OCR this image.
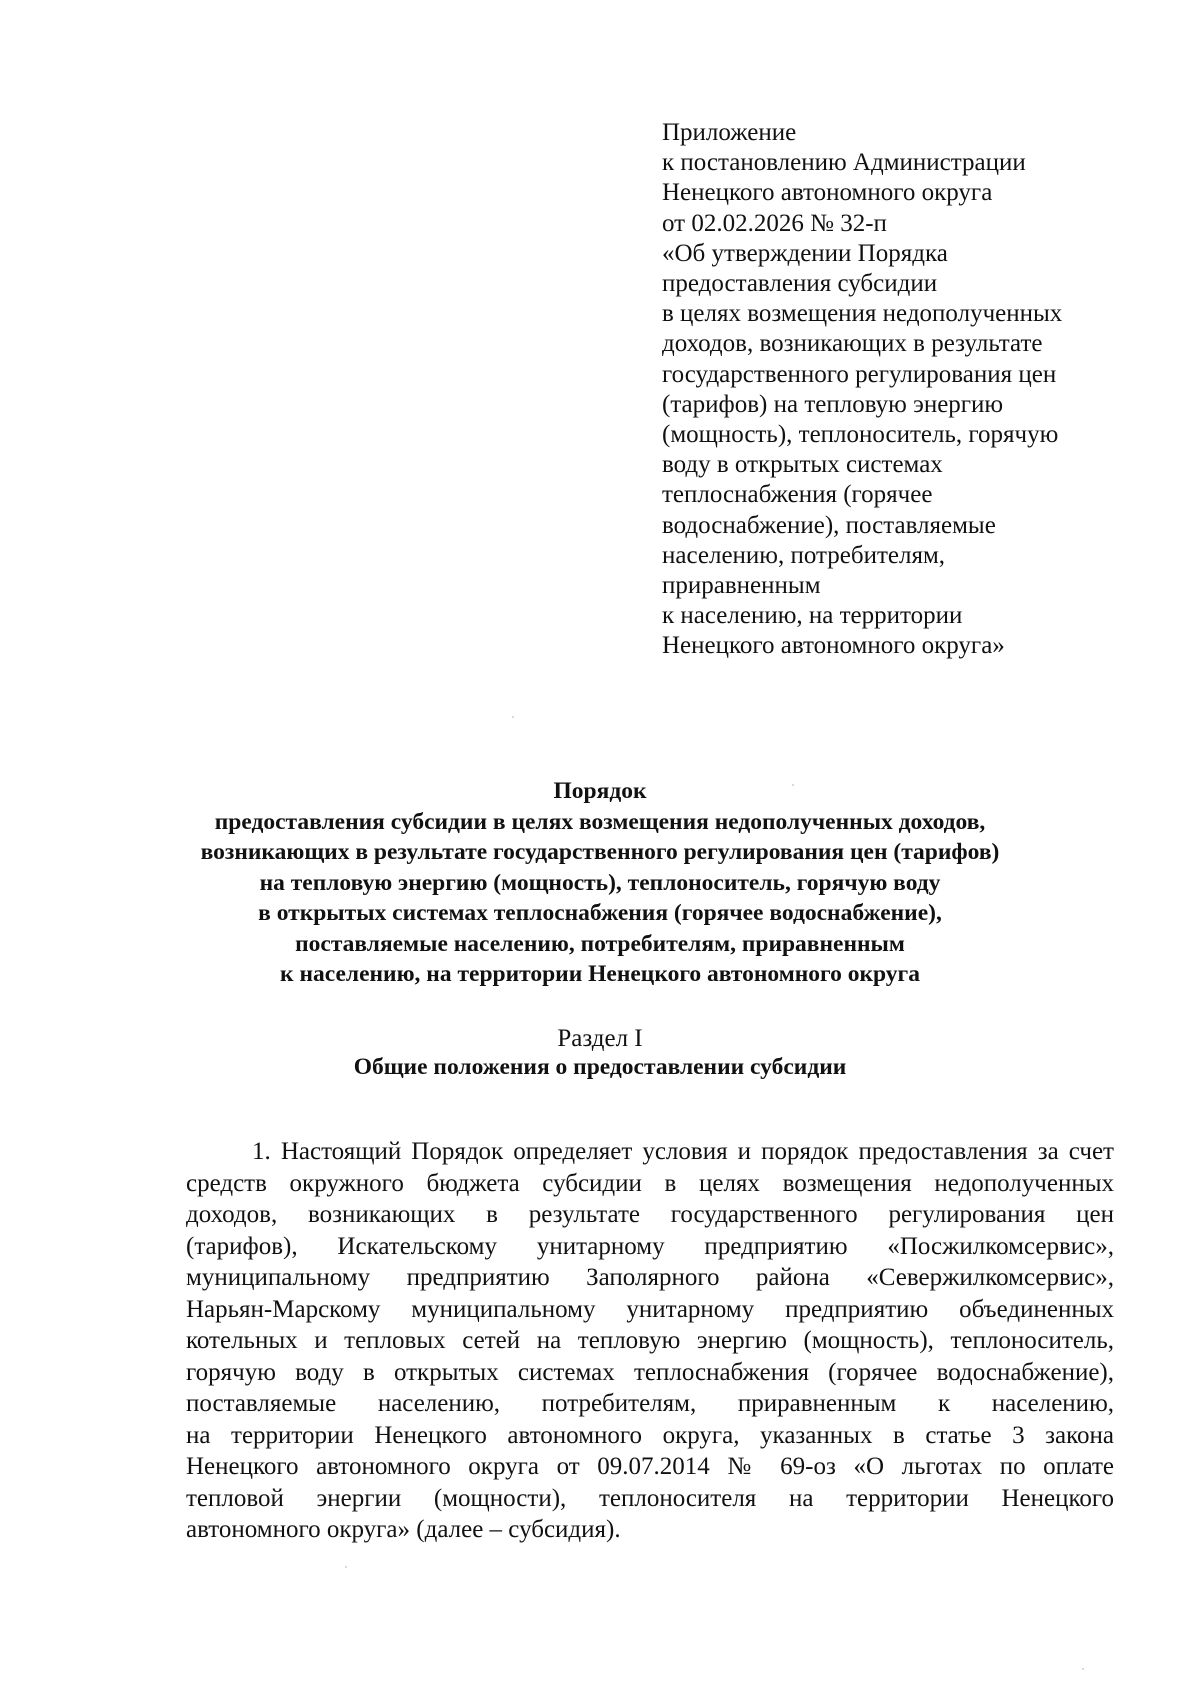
Приложение
к постановлению Администрации
Ненецкого автономного округа
от 02.02.2026 № 32-п
«Об утверждении Порядка
предоставления субсидии
в целях возмещения недополученных
доходов, возникающих в результате
государственного регулирования цен
(тарифов) на тепловую энергию
(мощность), теплоноситель, горячую
воду в открытых системах
теплоснабжения (горячее
водоснабжение), поставляемые
населению, потребителям,
приравненным
к населению, на территории
Ненецкого автономного округа»
Порядок
предоставления субсидии в целях возмещения недополученных доходов,
возникающих в результате государственного регулирования цен (тарифов)
на тепловую энергию (мощность), теплоноситель, горячую воду
в открытых системах теплоснабжения (горячее водоснабжение),
поставляемые населению, потребителям, приравненным
к населению, на территории Ненецкого автономного округа
Раздел I
Общие положения о предоставлении субсидии
1. Настоящий Порядок определяет условия и порядок предоставления за счет
средств окружного бюджета субсидии в целях возмещения недополученных
доходов, возникающих в результате государственного регулирования цен
(тарифов), Искательскому унитарному предприятию «Посжилкомсервис»,
муниципальному предприятию Заполярного района «Севержилкомсервис»,
Нарьян-Марскому муниципальному унитарному предприятию объединенных
котельных и тепловых сетей на тепловую энергию (мощность), теплоноситель,
горячую воду в открытых системах теплоснабжения (горячее водоснабжение),
поставляемые населению, потребителям, приравненным к населению,
на территории Ненецкого автономного округа, указанных в статье 3 закона
Ненецкого автономного округа от 09.07.2014 № 69-оз «О льготах по оплате
тепловой энергии (мощности), теплоносителя на территории Ненецкого
автономного округа» (далее – субсидия).
